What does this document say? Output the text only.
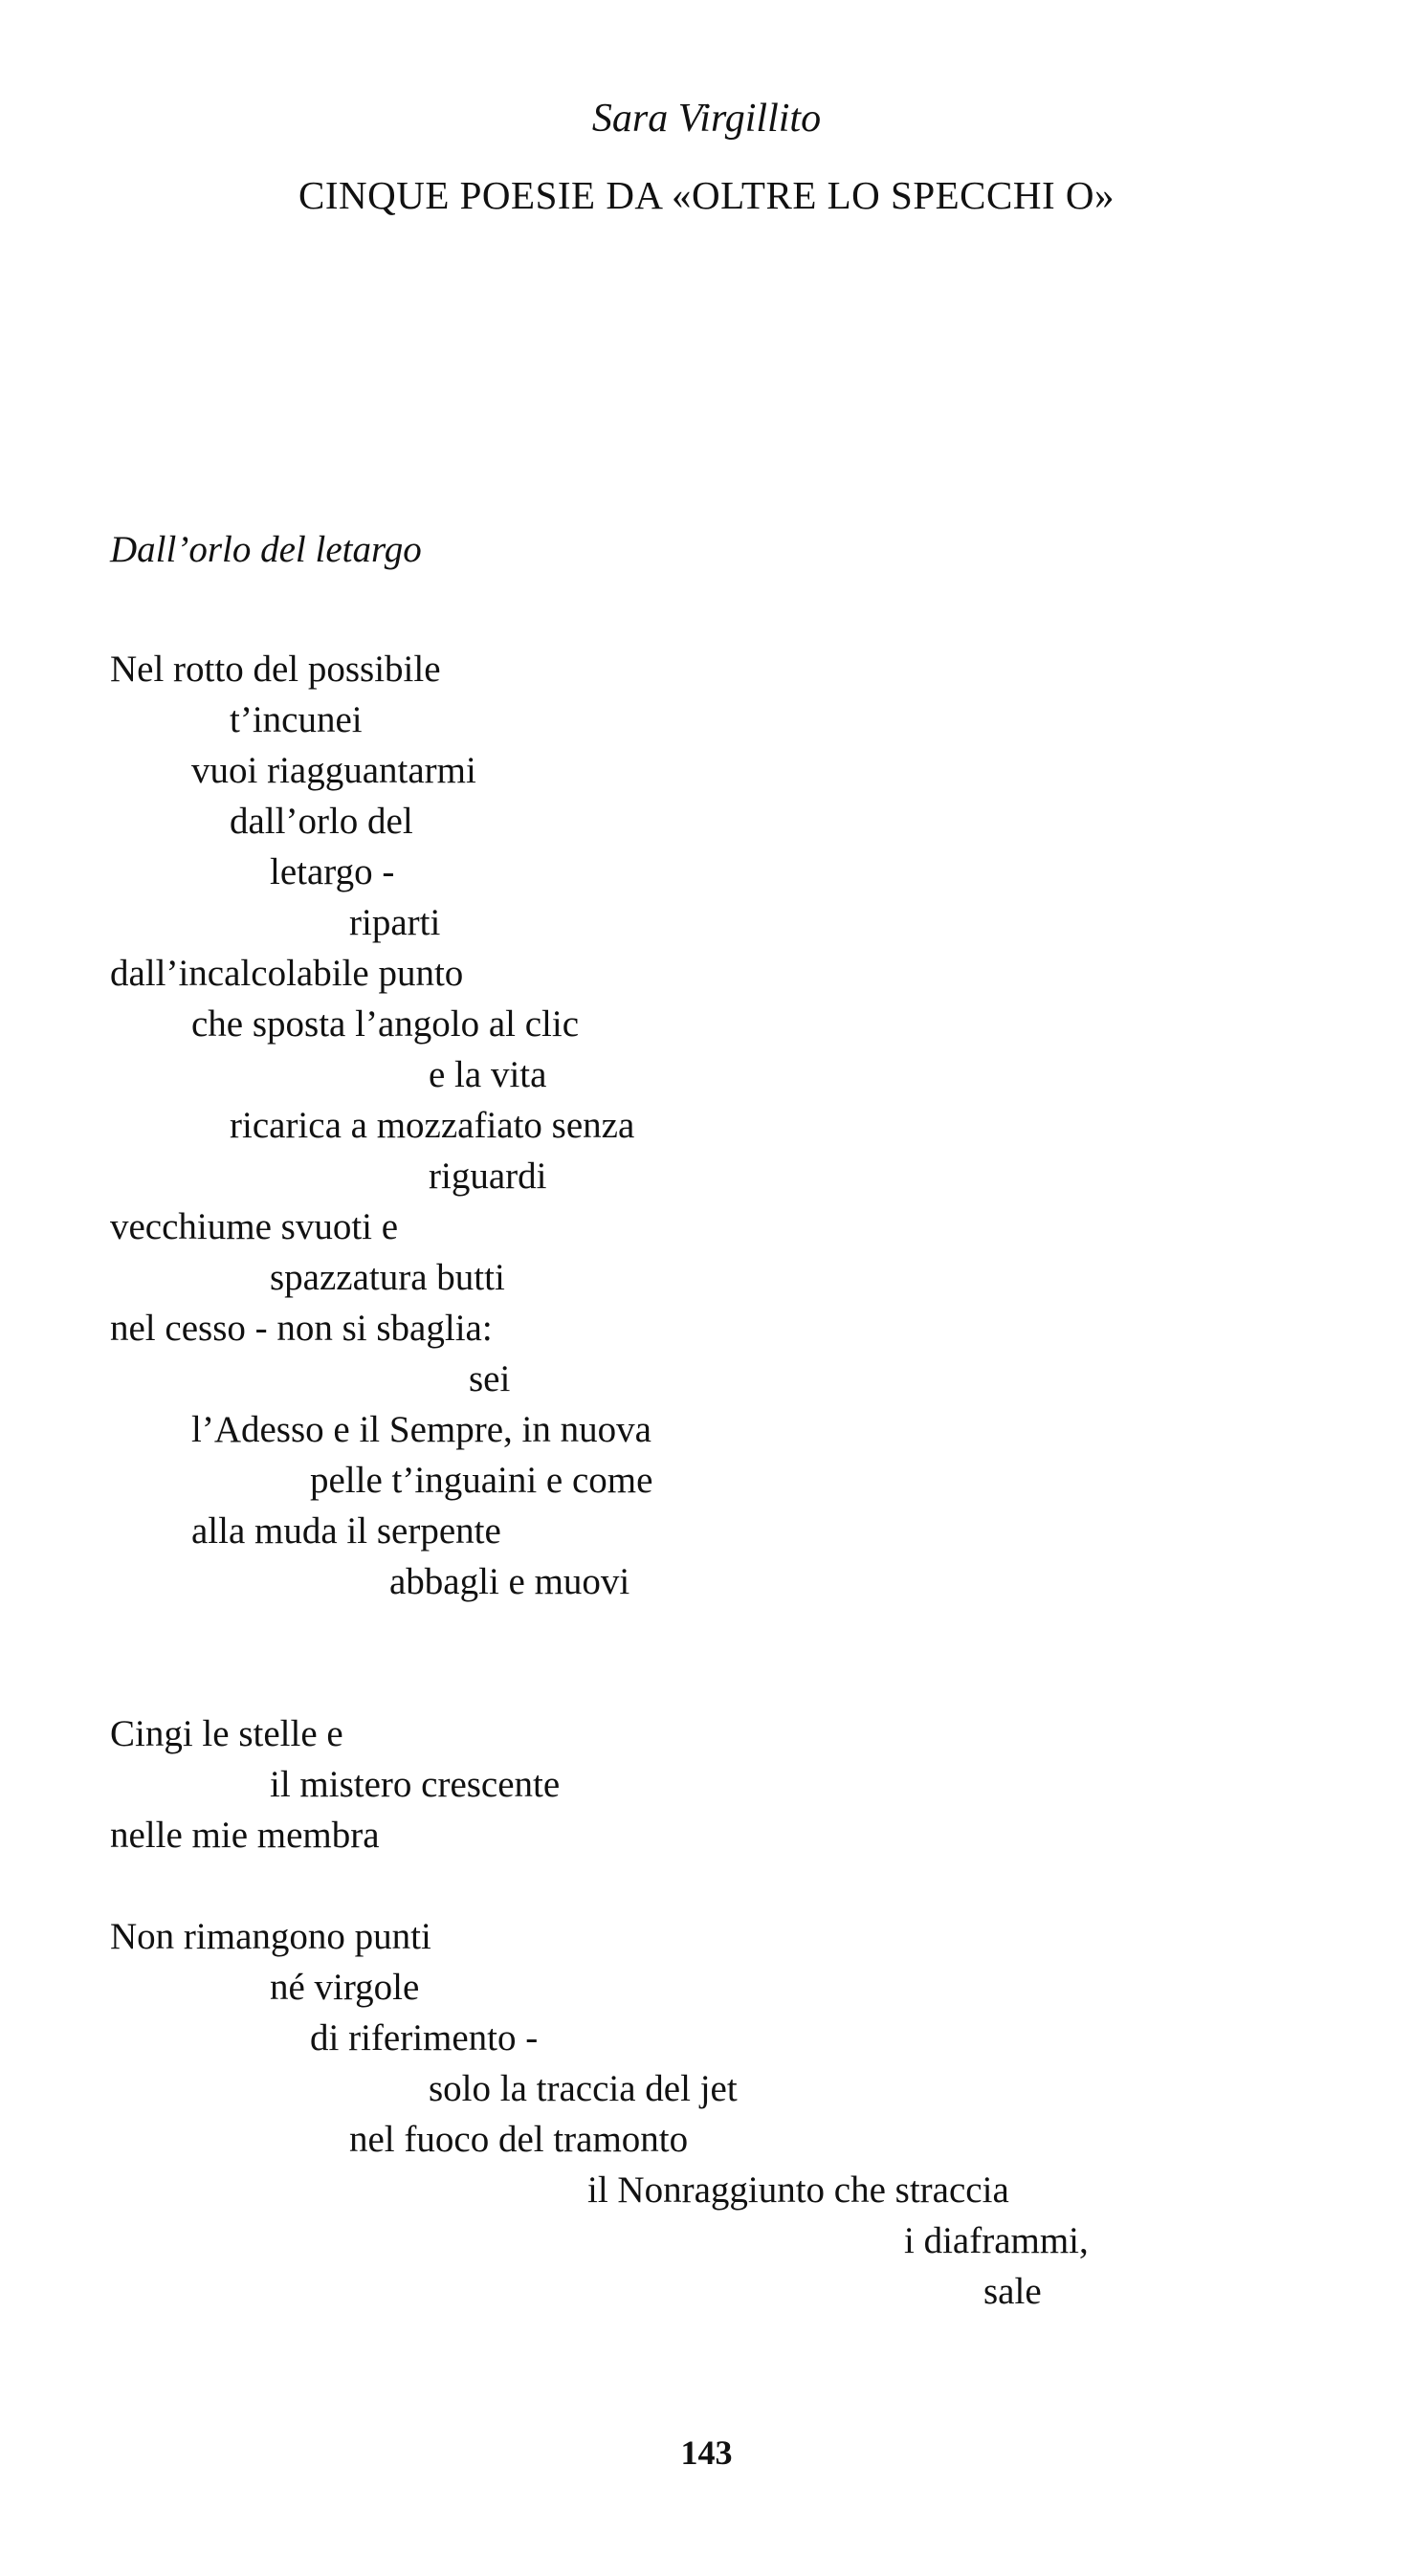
Sara Virgillito
CINQUE POESIE DA «OLTRE LO SPECCHI O»
Dall’orlo del letargo
Nel rotto del possibile
t’incunei
vuoi riagguantarmi
dall’orlo del
letargo -
riparti
dall’incalcolabile punto
che sposta l’angolo al clic
e la vita
ricarica a mozzafiato senza
riguardi
vecchiume svuoti e
spazzatura butti
nel cesso - non si sbaglia:
sei
l’Adesso e il Sempre, in nuova
pelle t’inguaini e come
alla muda il serpente
abbagli e muovi
Cingi le stelle e
il mistero crescente
nelle mie membra
Non rimangono punti
né virgole
di riferimento -
solo la traccia del jet
nel fuoco del tramonto
il Nonraggiunto che straccia
i diaframmi,
sale
143
